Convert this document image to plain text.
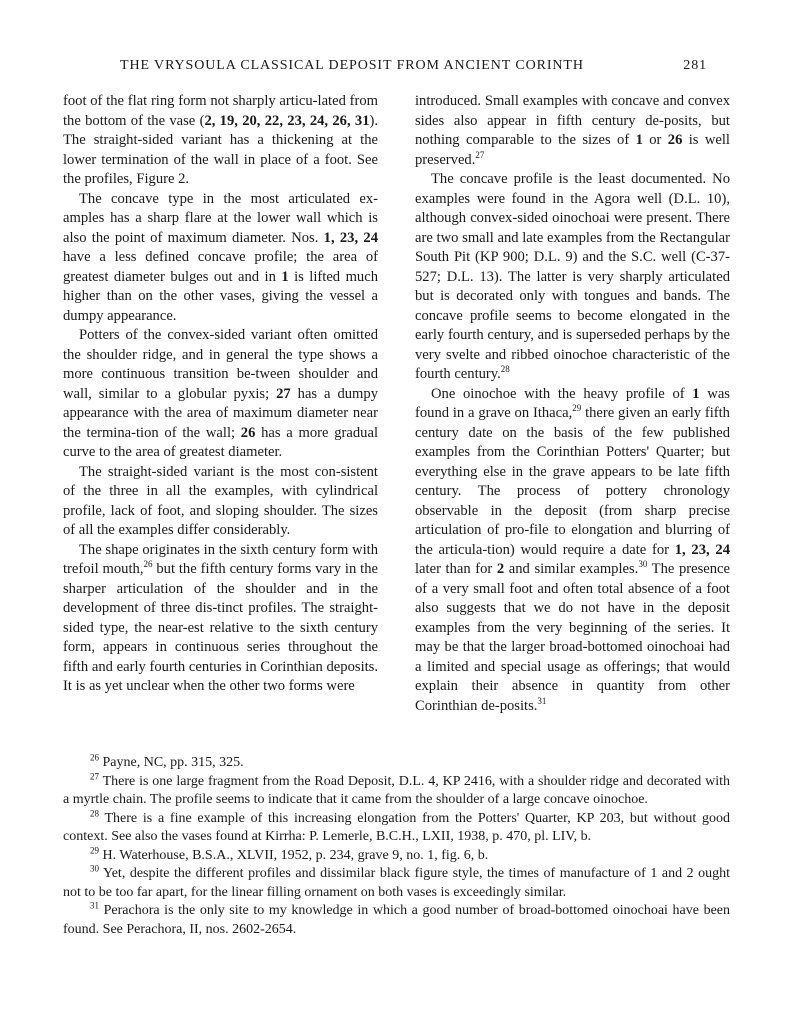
THE VRYSOULA CLASSICAL DEPOSIT FROM ANCIENT CORINTH	281

foot of the flat ring form not sharply articu-lated from the bottom of the vase (2, 19, 20, 22, 23, 24, 26, 31). The straight-sided variant has a thickening at the lower termination of the wall in place of a foot. See the profiles, Figure 2.

The concave type in the most articulated ex-amples has a sharp flare at the lower wall which is also the point of maximum diameter. Nos. 1, 23, 24 have a less defined concave profile; the area of greatest diameter bulges out and in 1 is lifted much higher than on the other vases, giving the vessel a dumpy appearance.

Potters of the convex-sided variant often omitted the shoulder ridge, and in general the type shows a more continuous transition be-tween shoulder and wall, similar to a globular pyxis; 27 has a dumpy appearance with the area of maximum diameter near the termina-tion of the wall; 26 has a more gradual curve to the area of greatest diameter.

The straight-sided variant is the most con-sistent of the three in all the examples, with cylindrical profile, lack of foot, and sloping shoulder. The sizes of all the examples differ considerably.

The shape originates in the sixth century form with trefoil mouth,$^{26}$ but the fifth century forms vary in the sharper articulation of the shoulder and in the development of three dis-tinct profiles. The straight-sided type, the near-est relative to the sixth century form, appears in continuous series throughout the fifth and early fourth centuries in Corinthian deposits. It is as yet unclear when the other two forms were

introduced. Small examples with concave and convex sides also appear in fifth century de-posits, but nothing comparable to the sizes of 1 or 26 is well preserved.$^{27}$

The concave profile is the least documented. No examples were found in the Agora well (D.L. 10), although convex-sided oinochoai were present. There are two small and late examples from the Rectangular South Pit (KP 900; D.L. 9) and the S.C. well (C-37-527; D.L. 13). The latter is very sharply articulated but is decorated only with tongues and bands. The concave profile seems to become elongated in the early fourth century, and is superseded perhaps by the very svelte and ribbed oinochoe characteristic of the fourth century.$^{28}$

One oinochoe with the heavy profile of 1 was found in a grave on Ithaca,$^{29}$ there given an early fifth century date on the basis of the few published examples from the Corinthian Potters' Quarter; but everything else in the grave appears to be late fifth century. The process of pottery chronology observable in the deposit (from sharp precise articulation of pro-file to elongation and blurring of the articula-tion) would require a date for 1, 23, 24 later than for 2 and similar examples.$^{30}$ The presence of a very small foot and often total absence of a foot also suggests that we do not have in the deposit examples from the very beginning of the series. It may be that the larger broad-bottomed oinochoai had a limited and special usage as offerings; that would explain their absence in quantity from other Corinthian de-posits.$^{31}$

$^{26}$ Payne, NC, pp. 315, 325.

$^{27}$ There is one large fragment from the Road Deposit, D.L. 4, KP 2416, with a shoulder ridge and decorated with a myrtle chain. The profile seems to indicate that it came from the shoulder of a large concave oinochoe.

$^{28}$ There is a fine example of this increasing elongation from the Potters' Quarter, KP 203, but without good context. See also the vases found at Kirrha: P. Lemerle, B.C.H., LXII, 1938, p. 470, pl. LIV, b.

$^{29}$ H. Waterhouse, B.S.A., XLVII, 1952, p. 234, grave 9, no. 1, fig. 6, b.

$^{30}$ Yet, despite the different profiles and dissimilar black figure style, the times of manufacture of 1 and 2 ought not to be too far apart, for the linear filling ornament on both vases is exceedingly similar.

$^{31}$ Perachora is the only site to my knowledge in which a good number of broad-bottomed oinochoai have been found. See Perachora, II, nos. 2602-2654.
